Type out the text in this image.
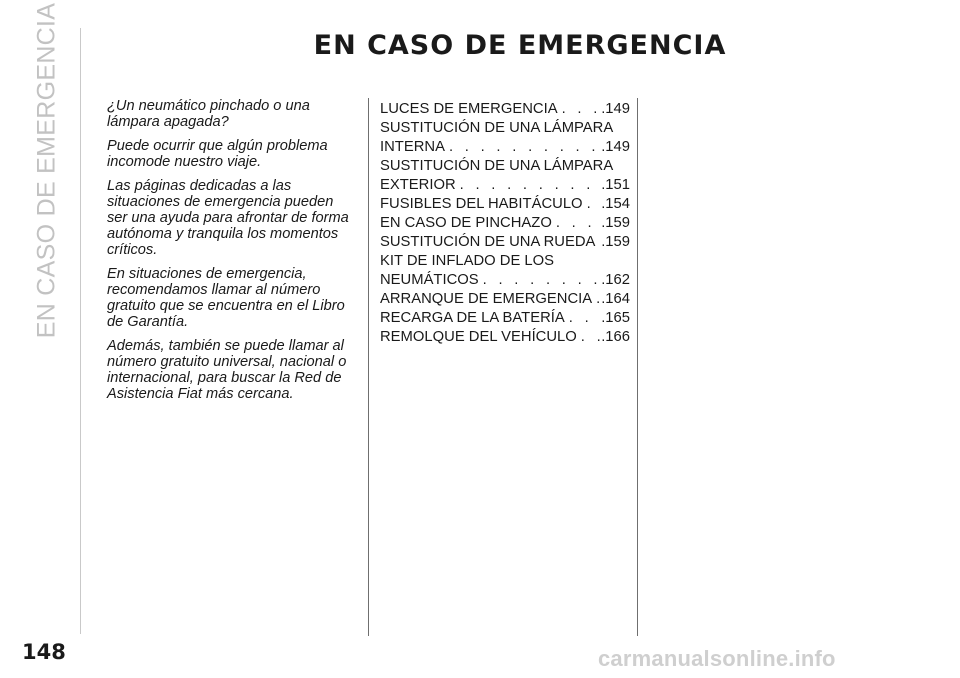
EN CASO DE EMERGENCIA	EN CASO DE EMERGENCIA

¿Un neumático pinchado o una lámpara apagada?

Puede ocurrir que algún problema incomode nuestro viaje.

Las páginas dedicadas a las situaciones de emergencia pueden ser una ayuda para afrontar de forma autónoma y tranquila los momentos críticos.

En situaciones de emergencia, recomendamos llamar al número gratuito que se encuentra en el Libro de Garantía.

Además, también se puede llamar al número gratuito universal, nacional o internacional, para buscar la Red de Asistencia Fiat más cercana.

LUCES DE EMERGENCIA . . .	.149
SUSTITUCIÓN DE UNA LÁMPARA
INTERNA . . .	.149
SUSTITUCIÓN DE UNA LÁMPARA
EXTERIOR . . .	.151
FUSIBLES DEL HABITÁCULO . . . .154
EN CASO DE PINCHAZO . . .	.159
SUSTITUCIÓN DE UNA RUEDA . . . .159
KIT DE INFLADO DE LOS
NEUMÁTICOS . . .	.162
ARRANQUE DE EMERGENCIA . . . .164
RECARGA DE LA BATERÍA . . . .165
REMOLQUE DEL VEHÍCULO . . . .166
148	carmanualsonline.info
